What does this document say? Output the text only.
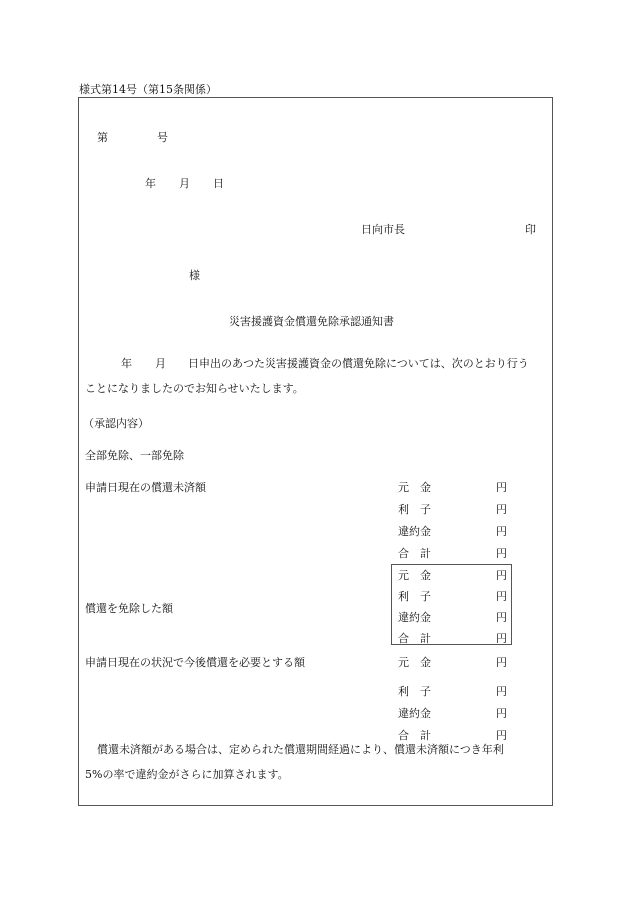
様式第14号（第15条関係）
第	号
年 月 日
日向市長	印
様
災害援護資金償還免除承認通知書
年 月 日申出のあつた災害援護資金の償還免除については、次のとおり行う
ことになりましたのでお知らせいたします。
（承認内容）
全部免除、一部免除
申請日現在の償還未済額	元　金	円
利　子	円
違約金	円
合　計	円
償還を免除した額
元　金	円
利　子	円
違約金	円
合　計	円
申請日現在の状況で今後償還を必要とする額	元　金	円
利　子	円
違約金	円
合　計	円
償還未済額がある場合は、定められた償還期間経過により、償還未済額につき年利
5%の率で違約金がさらに加算されます。
